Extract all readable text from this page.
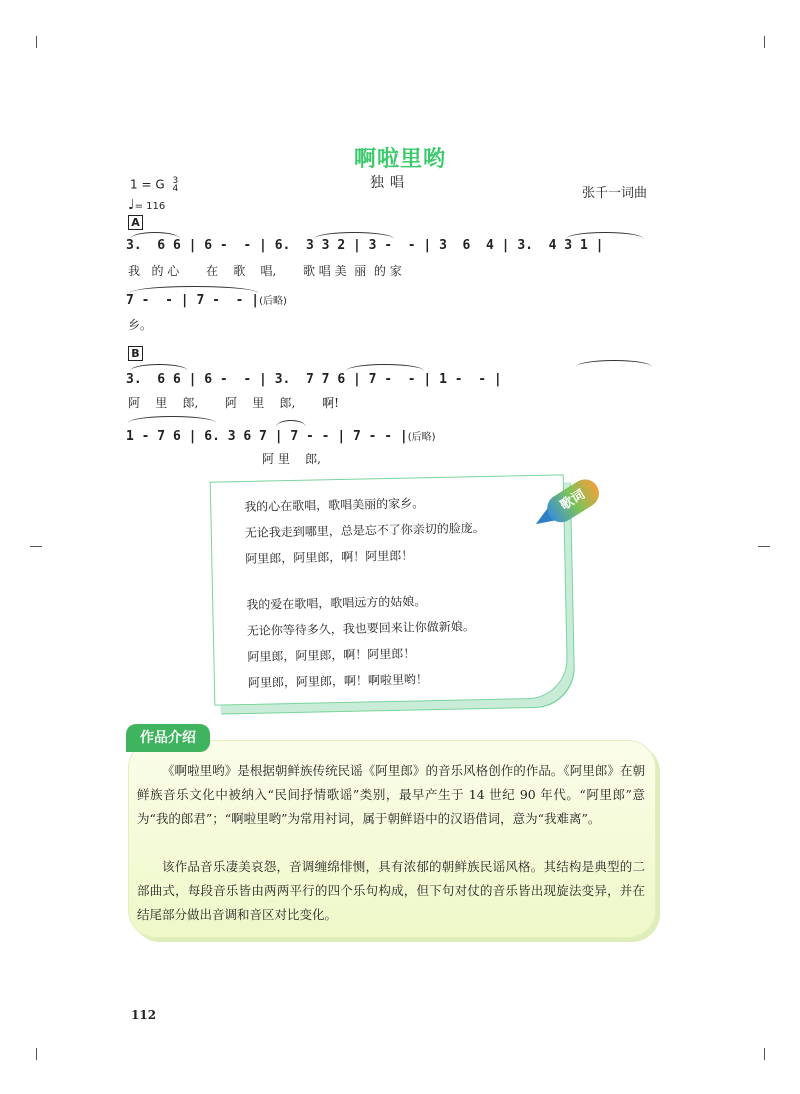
啊啦里哟
独唱
张千一词曲
1 = G 3
4
♩= 116
A
3.  6 6 | 6 -  - | 6.  3 3 2 | 3 -  - | 3  6  4 | 3.  4 3 1 |
我   的 心       在    歌    唱,       歌 唱 美  丽  的 家
7 -  - | 7 -  - |(后略)
乡。
B
3.  6 6 | 6 -  - | 3.  7 7 6 | 7 -  - | 1 -  - |
阿    里    郎,       阿    里    郎,       啊!
1 - 7 6 | 6. 3 6 7 | 7 - - | 7 - - |(后略)
阿 里    郎,
我的心在歌唱，歌唱美丽的家乡。
无论我走到哪里，总是忘不了你亲切的脸庞。
阿里郎，阿里郎，啊！阿里郎！
我的爱在歌唱，歌唱远方的姑娘。
无论你等待多久，我也要回来让你做新娘。
阿里郎，阿里郎，啊！阿里郎！
阿里郎，阿里郎，啊！啊啦里哟！
歌词

《啊啦里哟》是根据朝鲜族传统民谣《阿里郎》的音乐风格创作的作品。《阿里郎》在朝鲜族音乐文化中被纳入“民间抒情歌谣”类别，最早产生于 14 世纪 90 年代。“阿里郎”意为“我的郎君”；“啊啦里哟”为常用衬词，属于朝鲜语中的汉语借词，意为“我难离”。

该作品音乐凄美哀怨，音调缠绵悱恻，具有浓郁的朝鲜族民谣风格。其结构是典型的二部曲式，每段音乐皆由两两平行的四个乐句构成，但下句对仗的音乐皆出现旋法变异，并在结尾部分做出音调和音区对比变化。

作品介绍
112
